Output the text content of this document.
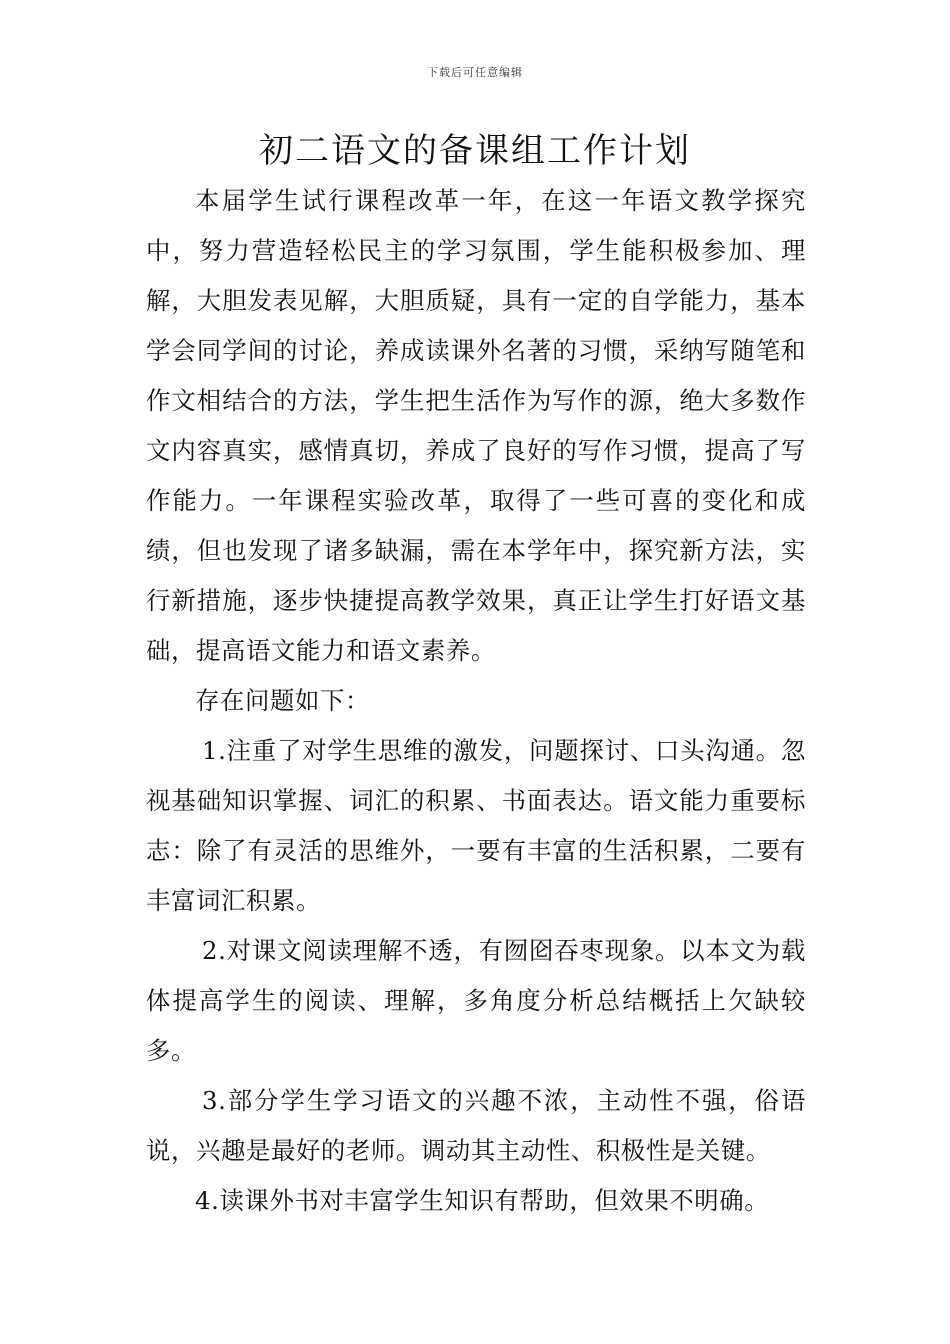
下载后可任意编辑
初二语文的备课组工作计划

本届学生试行课程改革一年，在这一年语文教学探究中，努力营造轻松民主的学习氛围，学生能积极参加、理解，大胆发表见解，大胆质疑，具有一定的自学能力，基本学会同学间的讨论，养成读课外名著的习惯，采纳写随笔和作文相结合的方法，学生把生活作为写作的源，绝大多数作文内容真实，感情真切，养成了良好的写作习惯，提高了写作能力。一年课程实验改革，取得了一些可喜的变化和成绩，但也发现了诸多缺漏，需在本学年中，探究新方法，实行新措施，逐步快捷提高教学效果，真正让学生打好语文基础，提高语文能力和语文素养。

存在问题如下：

1.注重了对学生思维的激发，问题探讨、口头沟通。忽视基础知识掌握、词汇的积累、书面表达。语文能力重要标志：除了有灵活的思维外，一要有丰富的生活积累，二要有丰富词汇积累。

2.对课文阅读理解不透，有囫囵吞枣现象。以本文为载体提高学生的阅读、理解，多角度分析总结概括上欠缺较多。

3.部分学生学习语文的兴趣不浓，主动性不强，俗语说，兴趣是最好的老师。调动其主动性、积极性是关键。

4.读课外书对丰富学生知识有帮助，但效果不明确。
